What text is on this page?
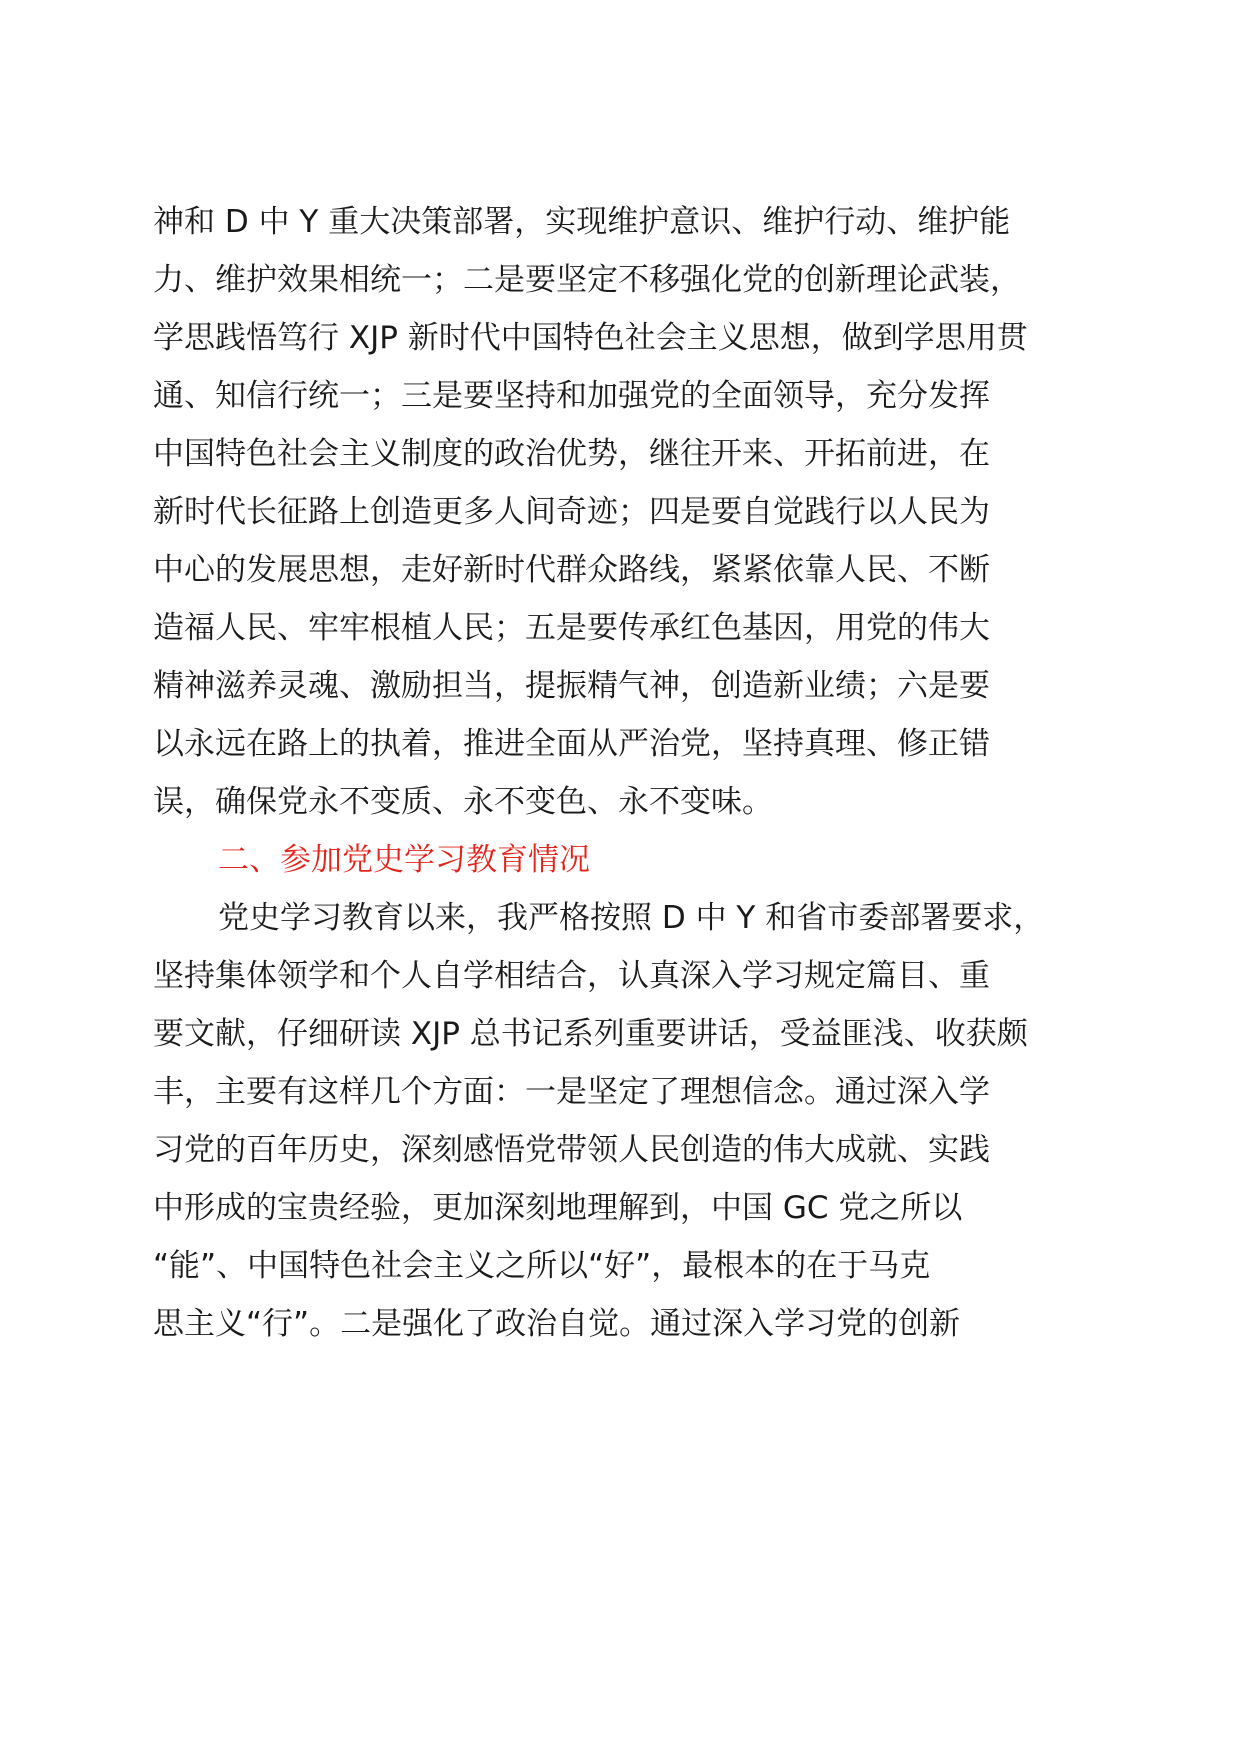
神和 D 中 Y 重大决策部署，实现维护意识、维护行动、维护能
力、维护效果相统一；二是要坚定不移强化党的创新理论武装，
学思践悟笃行 XJP 新时代中国特色社会主义思想，做到学思用贯
通、知信行统一；三是要坚持和加强党的全面领导，充分发挥
中国特色社会主义制度的政治优势，继往开来、开拓前进，在
新时代长征路上创造更多人间奇迹；四是要自觉践行以人民为
中心的发展思想，走好新时代群众路线，紧紧依靠人民、不断
造福人民、牢牢根植人民；五是要传承红色基因，用党的伟大
精神滋养灵魂、激励担当，提振精气神，创造新业绩；六是要
以永远在路上的执着，推进全面从严治党，坚持真理、修正错
误，确保党永不变质、永不变色、永不变味。
二、参加党史学习教育情况
党史学习教育以来，我严格按照 D 中 Y 和省市委部署要求，
坚持集体领学和个人自学相结合，认真深入学习规定篇目、重
要文献，仔细研读 XJP 总书记系列重要讲话，受益匪浅、收获颇
丰，主要有这样几个方面：一是坚定了理想信念。通过深入学
习党的百年历史，深刻感悟党带领人民创造的伟大成就、实践
中形成的宝贵经验，更加深刻地理解到，中国 GC 党之所以
“能”、中国特色社会主义之所以“好”，最根本的在于马克
思主义“行”。二是强化了政治自觉。通过深入学习党的创新
